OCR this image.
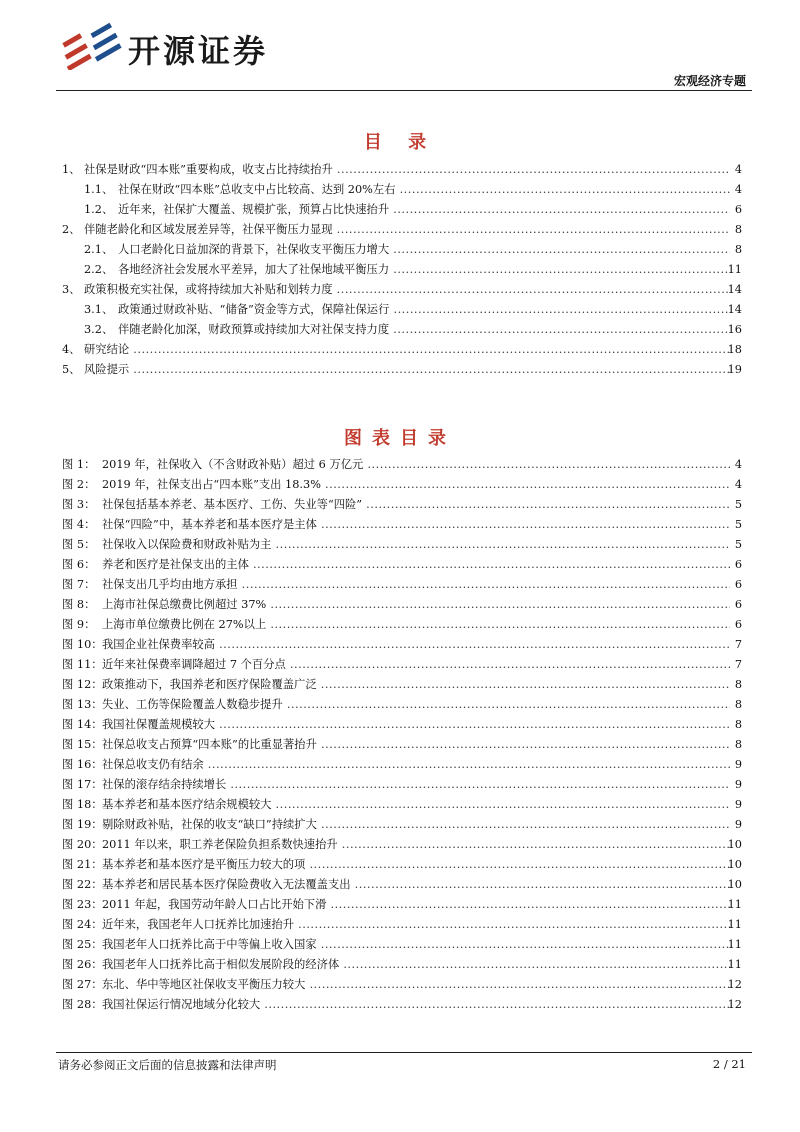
开源证券
宏观经济专题
目 录
1、 社保是财政“四本账”重要构成，收支占比持续抬升 .....	4
1.1、 社保在财政“四本账”总收支中占比较高、达到 20%左右 .....	4
1.2、 近年来，社保扩大覆盖、规模扩张，预算占比快速抬升 .....	6
2、 伴随老龄化和区域发展差异等，社保平衡压力显现 .....	8
2.1、 人口老龄化日益加深的背景下，社保收支平衡压力增大 .....	8
2.2、 各地经济社会发展水平差异，加大了社保地域平衡压力 .....	11
3、 政策积极充实社保，或将持续加大补贴和划转力度 .....	14
3.1、 政策通过财政补贴、“储备”资金等方式，保障社保运行 .....	14
3.2、 伴随老龄化加深，财政预算或持续加大对社保支持力度 .....	16
4、 研究结论 .....	18
5、 风险提示 .....	19
图表目录
图 1： 2019 年，社保收入（不含财政补贴）超过 6 万亿元 .....	4
图 2： 2019 年，社保支出占“四本账”支出 18.3% .....	4
图 3： 社保包括基本养老、基本医疗、工伤、失业等“四险” .....	5
图 4： 社保“四险”中，基本养老和基本医疗是主体 .....	5
图 5： 社保收入以保险费和财政补贴为主 .....	5
图 6： 养老和医疗是社保支出的主体 .....	6
图 7： 社保支出几乎均由地方承担 .....	6
图 8： 上海市社保总缴费比例超过 37% .....	6
图 9： 上海市单位缴费比例在 27%以上 .....	6
图 10： 我国企业社保费率较高 .....	7
图 11： 近年来社保费率调降超过 7 个百分点 .....	7
图 12： 政策推动下，我国养老和医疗保险覆盖广泛 .....	8
图 13： 失业、工伤等保险覆盖人数稳步提升 .....	8
图 14： 我国社保覆盖规模较大 .....	8
图 15： 社保总收支占预算“四本账”的比重显著抬升 .....	8
图 16： 社保总收支仍有结余 .....	9
图 17： 社保的滚存结余持续增长 .....	9
图 18： 基本养老和基本医疗结余规模较大 .....	9
图 19： 剔除财政补贴，社保的收支“缺口”持续扩大 .....	9
图 20： 2011 年以来，职工养老保险负担系数快速抬升 .....	10
图 21： 基本养老和基本医疗是平衡压力较大的项 .....	10
图 22： 基本养老和居民基本医疗保险费收入无法覆盖支出 .....	10
图 23： 2011 年起，我国劳动年龄人口占比开始下滑 .....	11
图 24： 近年来，我国老年人口抚养比加速抬升 .....	11
图 25： 我国老年人口抚养比高于中等偏上收入国家 .....	11
图 26： 我国老年人口抚养比高于相似发展阶段的经济体 .....	11
图 27： 东北、华中等地区社保收支平衡压力较大 .....	12
图 28： 我国社保运行情况地域分化较大 .....	12
请务必参阅正文后面的信息披露和法律声明	2 / 21
